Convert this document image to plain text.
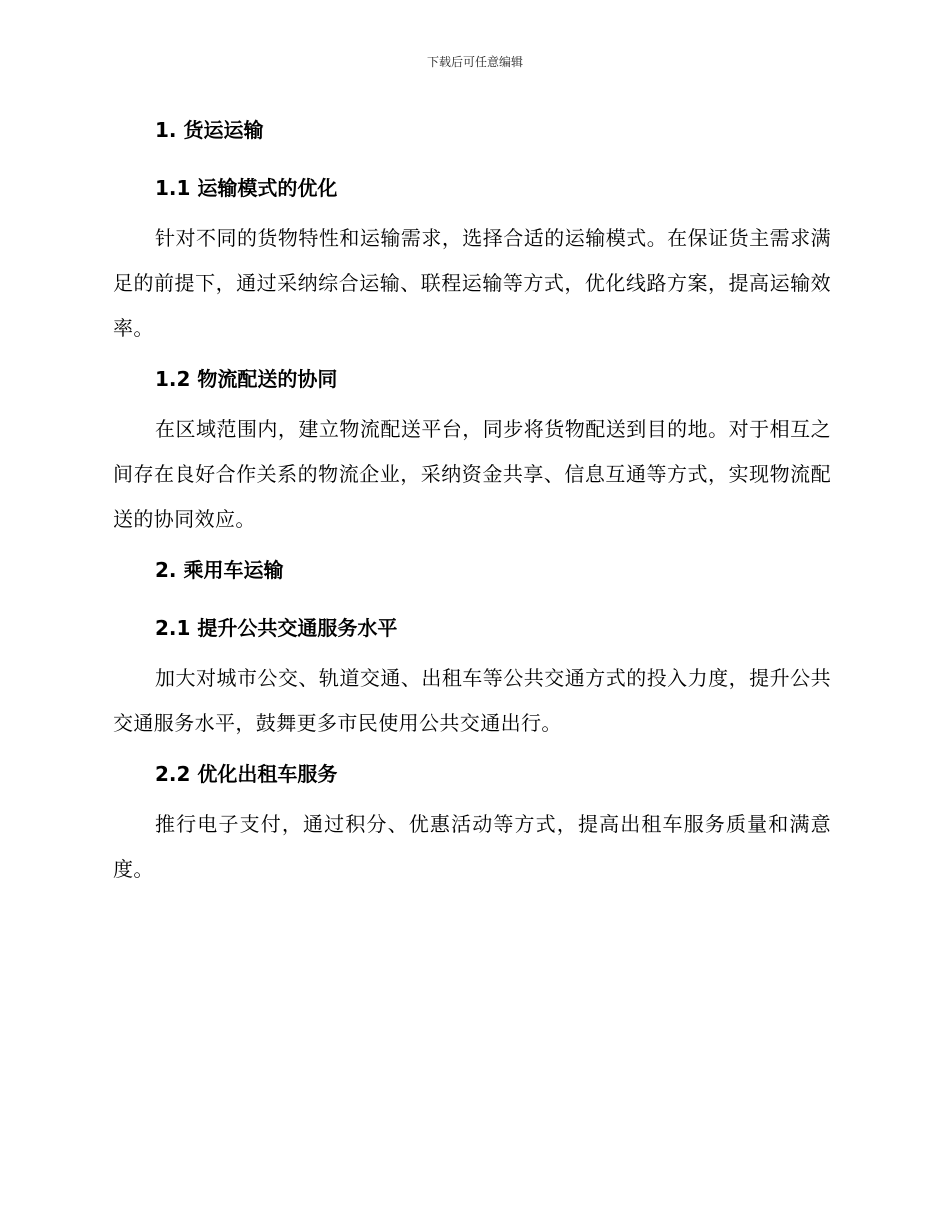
下载后可任意编辑
1. 货运运输
1.1 运输模式的优化

针对不同的货物特性和运输需求，选择合适的运输模式。在保证货主需求满足的前提下，通过采纳综合运输、联程运输等方式，优化线路方案，提高运输效率。

1.2 物流配送的协同

在区域范围内，建立物流配送平台，同步将货物配送到目的地。对于相互之间存在良好合作关系的物流企业，采纳资金共享、信息互通等方式，实现物流配送的协同效应。

2. 乘用车运输
2.1 提升公共交通服务水平

加大对城市公交、轨道交通、出租车等公共交通方式的投入力度，提升公共交通服务水平，鼓舞更多市民使用公共交通出行。

2.2 优化出租车服务

推行电子支付，通过积分、优惠活动等方式，提高出租车服务质量和满意度。
